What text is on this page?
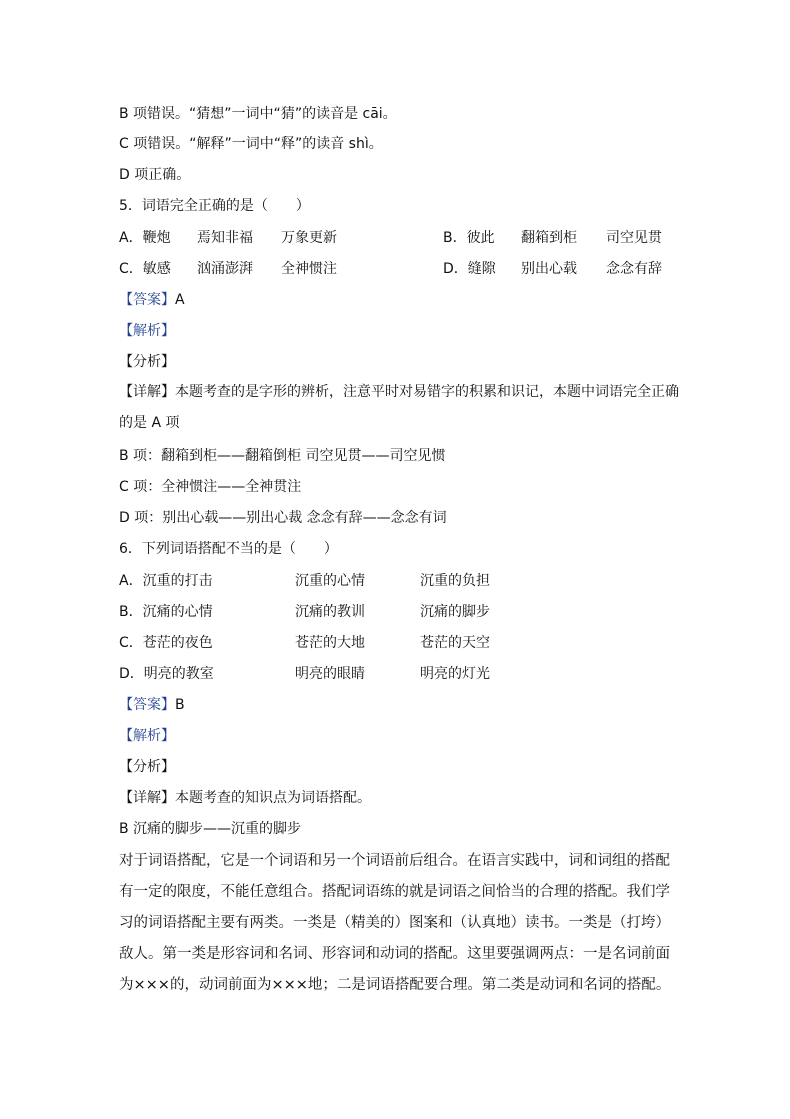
B 项错误。“猜想”一词中“猜”的读音是 cāi。
C 项错误。“解释”一词中“释”的读音 shì。
D 项正确。
5．词语完全正确的是（　　）
A．鞭炮 焉知非福 万象更新	B．彼此 翻箱到柜 司空见贯
C．敏感 汹涌澎湃 全神惯注	D．缝隙 别出心载 念念有辞
【答案】A
【解析】
【分析】
【详解】本题考查的是字形的辨析，注意平时对易错字的积累和识记，本题中词语完全正确的是 A 项
B 项：翻箱到柜——翻箱倒柜 司空见贯——司空见惯
C 项：全神惯注——全神贯注
D 项：别出心载——别出心裁 念念有辞——念念有词
6．下列词语搭配不当的是（　　）
A．沉重的打击	沉重的心情	沉重的负担
B．沉痛的心情	沉痛的教训	沉痛的脚步
C．苍茫的夜色	苍茫的大地	苍茫的天空
D．明亮的教室	明亮的眼睛	明亮的灯光
【答案】B
【解析】
【分析】
【详解】本题考查的知识点为词语搭配。
B 沉痛的脚步——沉重的脚步
对于词语搭配，它是一个词语和另一个词语前后组合。在语言实践中，词和词组的搭配有一定的限度，不能任意组合。搭配词语练的就是词语之间恰当的合理的搭配。我们学习的词语搭配主要有两类。一类是（精美的）图案和（认真地）读书。一类是（打垮）敌人。第一类是形容词和名词、形容词和动词的搭配。这里要强调两点：一是名词前面为×××的，动词前面为×××地；二是词语搭配要合理。第二类是动词和名词的搭配。
